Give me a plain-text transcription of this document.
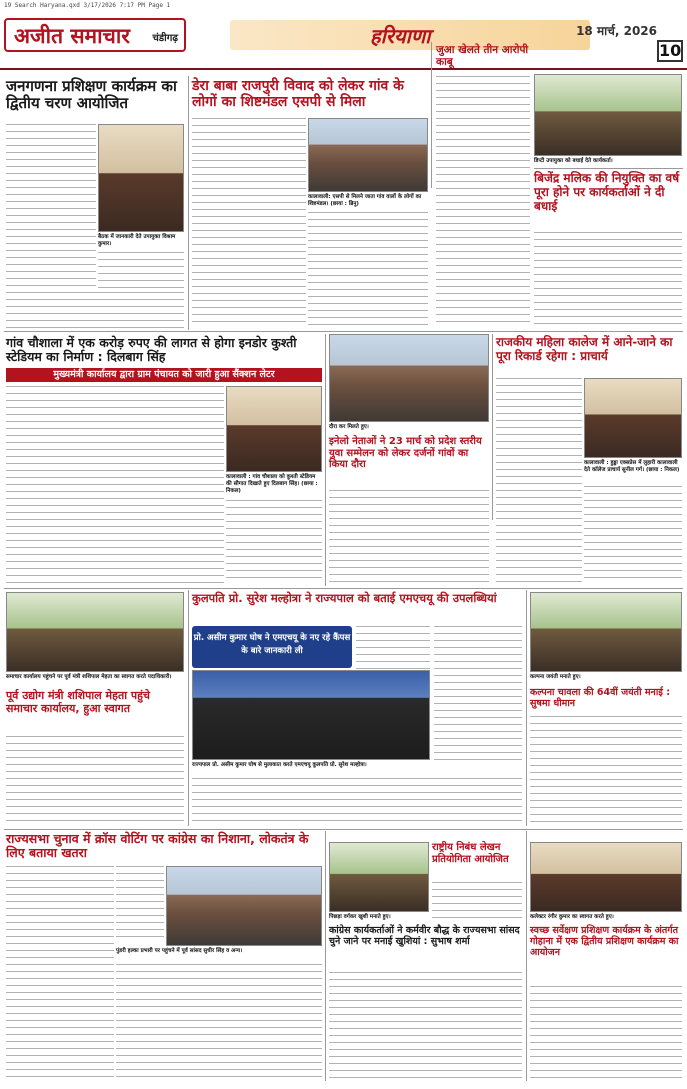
19 Search Haryana.qxd 3/17/2026 7:17 PM Page 1
अजीत समाचार चंडीगढ़	हरियाणा	18 मार्च, 2026
10
जनगणना प्रशिक्षण कार्यक्रम का द्वितीय चरण आयोजित
बैठक में जानकारी देते उपायुक्त विश्राम कुमार।
डेरा बाबा राजपुरी विवाद को लेकर गांव के लोगों का शिष्टमंडल एसपी से मिला
कालावाली: एसपी से मिलने जाता गांव वालों के लोगों का शिष्टमंडल। (छाया : ब्रिनु)
जुआ खेलते तीन आरोपी काबू
डिप्टी उपायुक्त को बधाई देते कार्यकर्ता।
बिजेंद्र मलिक की नियुक्ति का वर्ष पूरा होने पर कार्यकर्ताओं ने दी बधाई
गांव चौशाला में एक करोड़ रुपए की लागत से होगा इनडोर कुश्ती स्टेडियम का निर्माण : दिलबाग सिंह
मुख्यमंत्री कार्यालय द्वारा ग्राम पंचायत को जारी हुआ सैंक्शन लेटर
कालावाली : गांव चौशाला को कुश्ती स्टेडियम की सौगात दिखाते हुए दिलबाग सिंह। (छाया : निकल)
दौरा कर मिलते हुए।
इनेलो नेताओं ने 23 मार्च को प्रदेश स्तरीय युवा सम्मेलन को लेकर दर्जनों गांवों का किया दौरा
राजकीय महिला कालेज में आने-जाने का पूरा रिकार्ड रहेगा : प्राचार्य
कालावाली : हुड्डा एक्सप्रेस में लुहारी कालावाली देते कॉलेज प्राचार्य सुनील गर्ग। (छाया : निकल)
समाचार कार्यालय पहुंचने पर पूर्व मंत्री शशिपाल मेहता का स्वागत करते पदाधिकारी।
पूर्व उद्योग मंत्री शशिपाल मेहता पहुंचे समाचार कार्यालय, हुआ स्वागत
कुलपति प्रो. सुरेश मल्होत्रा ने राज्यपाल को बताई एमएचयू की उपलब्धियां
प्रो. असीम कुमार घोष ने एमएचयू के नए रहे कैंपस के बारे जानकारी ली
राज्यपाल प्रो. असीम कुमार घोष से मुलाकात करते एमएचयू कुलपति प्रो. सुरेश मल्होत्रा।
कल्पना जयंती मनाते हुए।
कल्पना चावला की 64वीं जयंती मनाई : सुषमा धीमान
राज्यसभा चुनाव में क्रॉस वोटिंग पर कांग्रेस का निशाना, लोकतंत्र के लिए बताया खतरा
पुंडरी हल्का प्रभारी पर पहुंचने में पूर्व सांसद सुधीर सिंह व अन्य।
पिछड़ा वर्गकर खुशी मनाते हुए।
राष्ट्रीय निबंध लेखन प्रतियोगिता आयोजित
कांग्रेस कार्यकर्ताओं ने कर्मवीर बौद्ध के राज्यसभा सांसद चुने जाने पर मनाई खुशियां : सुभाष शर्मा
कलेक्टर रंगीर कुमार का स्वागत करते हुए।
स्वच्छ सर्वेक्षण प्रशिक्षण कार्यक्रम के अंतर्गत गोहाना में एक द्वितीय प्रशिक्षण कार्यक्रम का आयोजन
